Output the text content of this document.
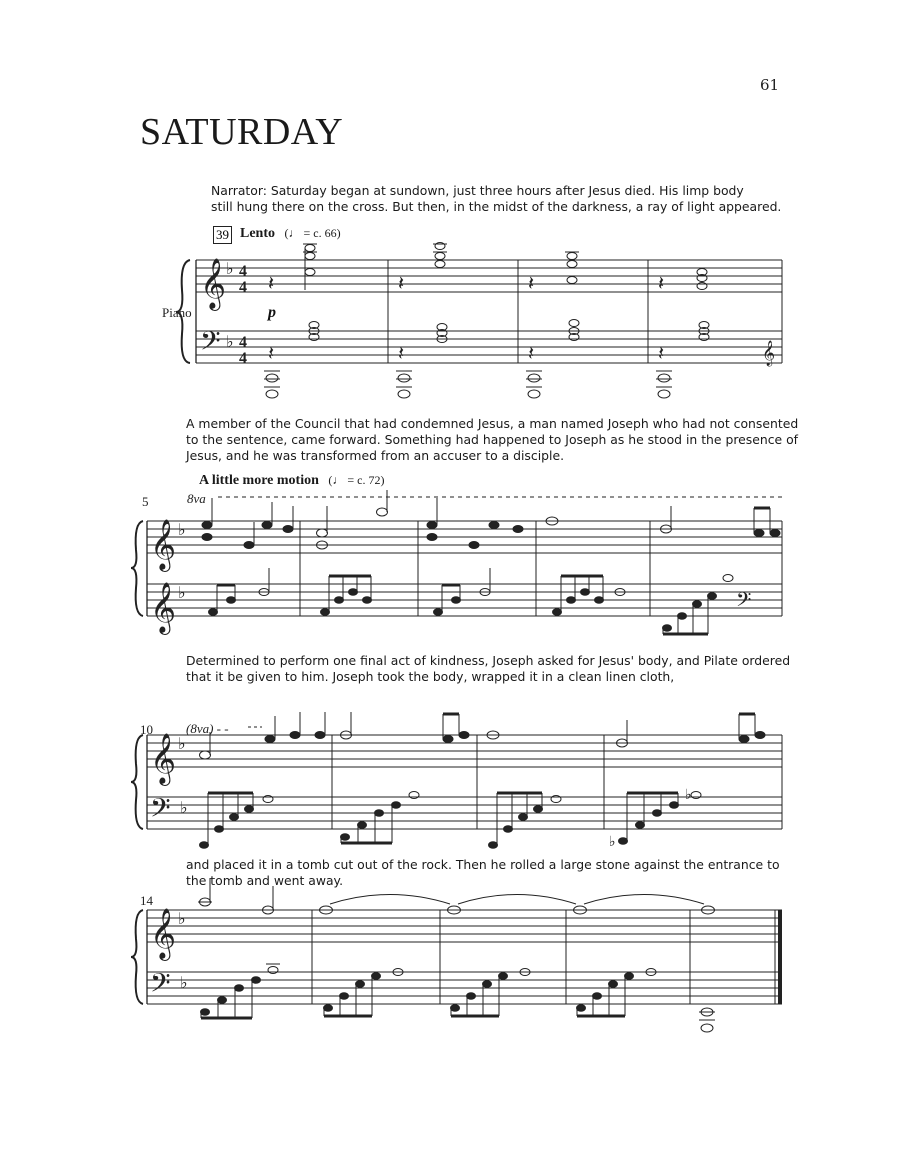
61
SATURDAY
Narrator: Saturday began at sundown, just three hours after Jesus died. His limp body
still hung there on the cross. But then, in the midst of the darkness, a ray of light appeared.
A member of the Council that had condemned Jesus, a man named Joseph who had not consented
to the sentence, came forward. Something had happened to Joseph as he stood in the presence of
Jesus, and he was transformed from an accuser to a disciple.
Determined to perform one final act of kindness, Joseph asked for Jesus' body, and Pilate ordered
that it be given to him. Joseph took the body, wrapped it in a clean linen cloth,
and placed it in a tomb cut out of the rock. Then he rolled a large stone against the entrance to
the tomb and went away.
39 Lento   (♩ = c. 66)
A little more motion   (♩ = c. 72)
Piano	p
8va
(8va) - -
5
10
14
𝄞
𝄢
♭
♭
4
4
4
4
𝄽
𝄽
𝄽
𝄽
𝄽
𝄽
𝄽
𝄽	𝄞
𝄞
𝄞
♭
♭	𝄢
𝄞
𝄢
♭
♭
♭
♭
𝄞
𝄢
♭
♭
